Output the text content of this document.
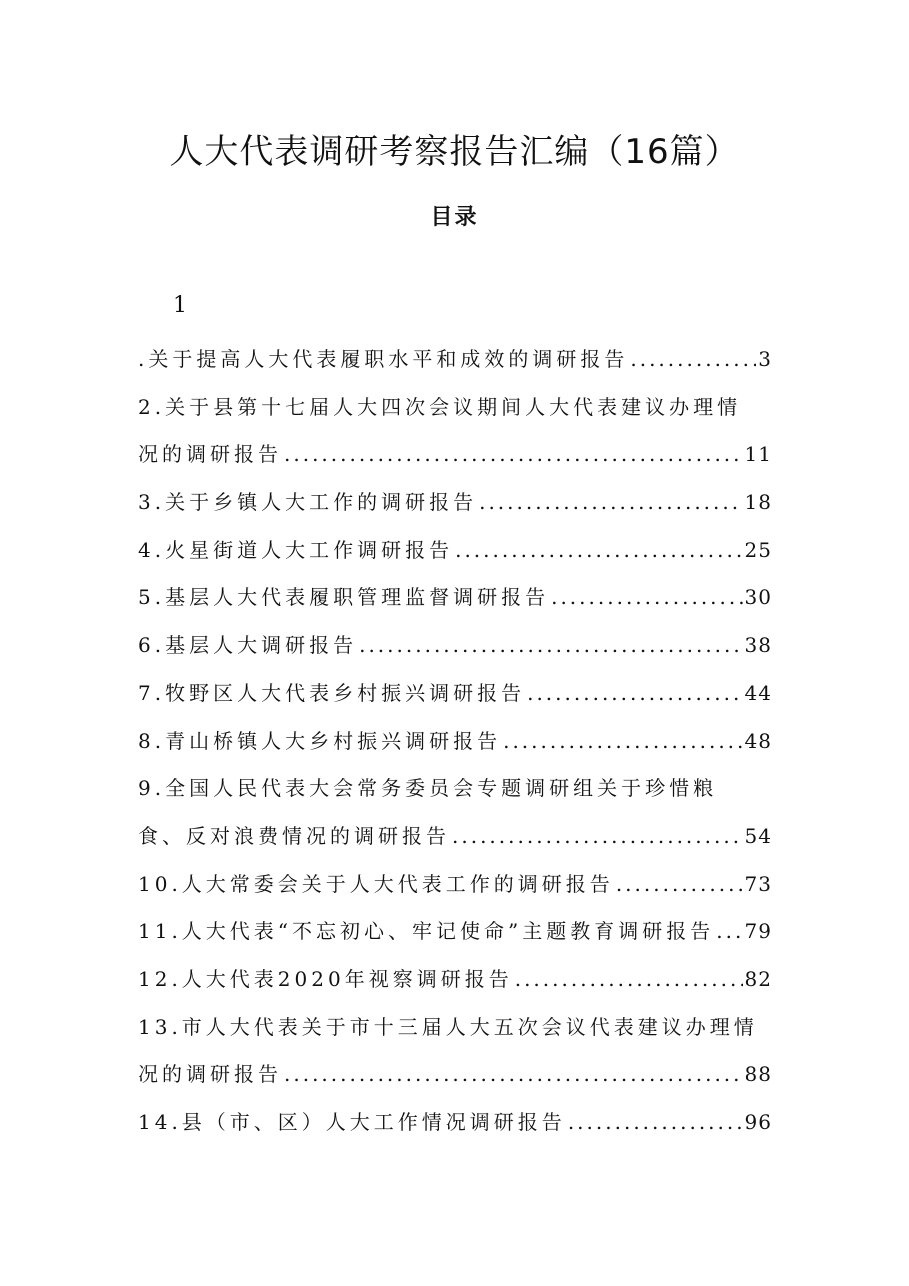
人大代表调研考察报告汇编（16篇）
目录
1
.关于提高人大代表履职水平和成效的调研报告 .....	3
2.关于县第十七届人大四次会议期间人大代表建议办理情
况的调研报告 .....	11
3.关于乡镇人大工作的调研报告 .....	18
4.火星街道人大工作调研报告 .....	25
5.基层人大代表履职管理监督调研报告 .....	30
6.基层人大调研报告 .....	38
7.牧野区人大代表乡村振兴调研报告 .....	44
8.青山桥镇人大乡村振兴调研报告 .....	48
9.全国人民代表大会常务委员会专题调研组关于珍惜粮
食、反对浪费情况的调研报告 .....	54
10.人大常委会关于人大代表工作的调研报告 .....	73
11.人大代表“不忘初心、牢记使命”主题教育调研报告 ..... 79
12.人大代表2020年视察调研报告 .....	82
13.市人大代表关于市十三届人大五次会议代表建议办理情
况的调研报告 .....	88
14.县（市、区）人大工作情况调研报告 .....	96
